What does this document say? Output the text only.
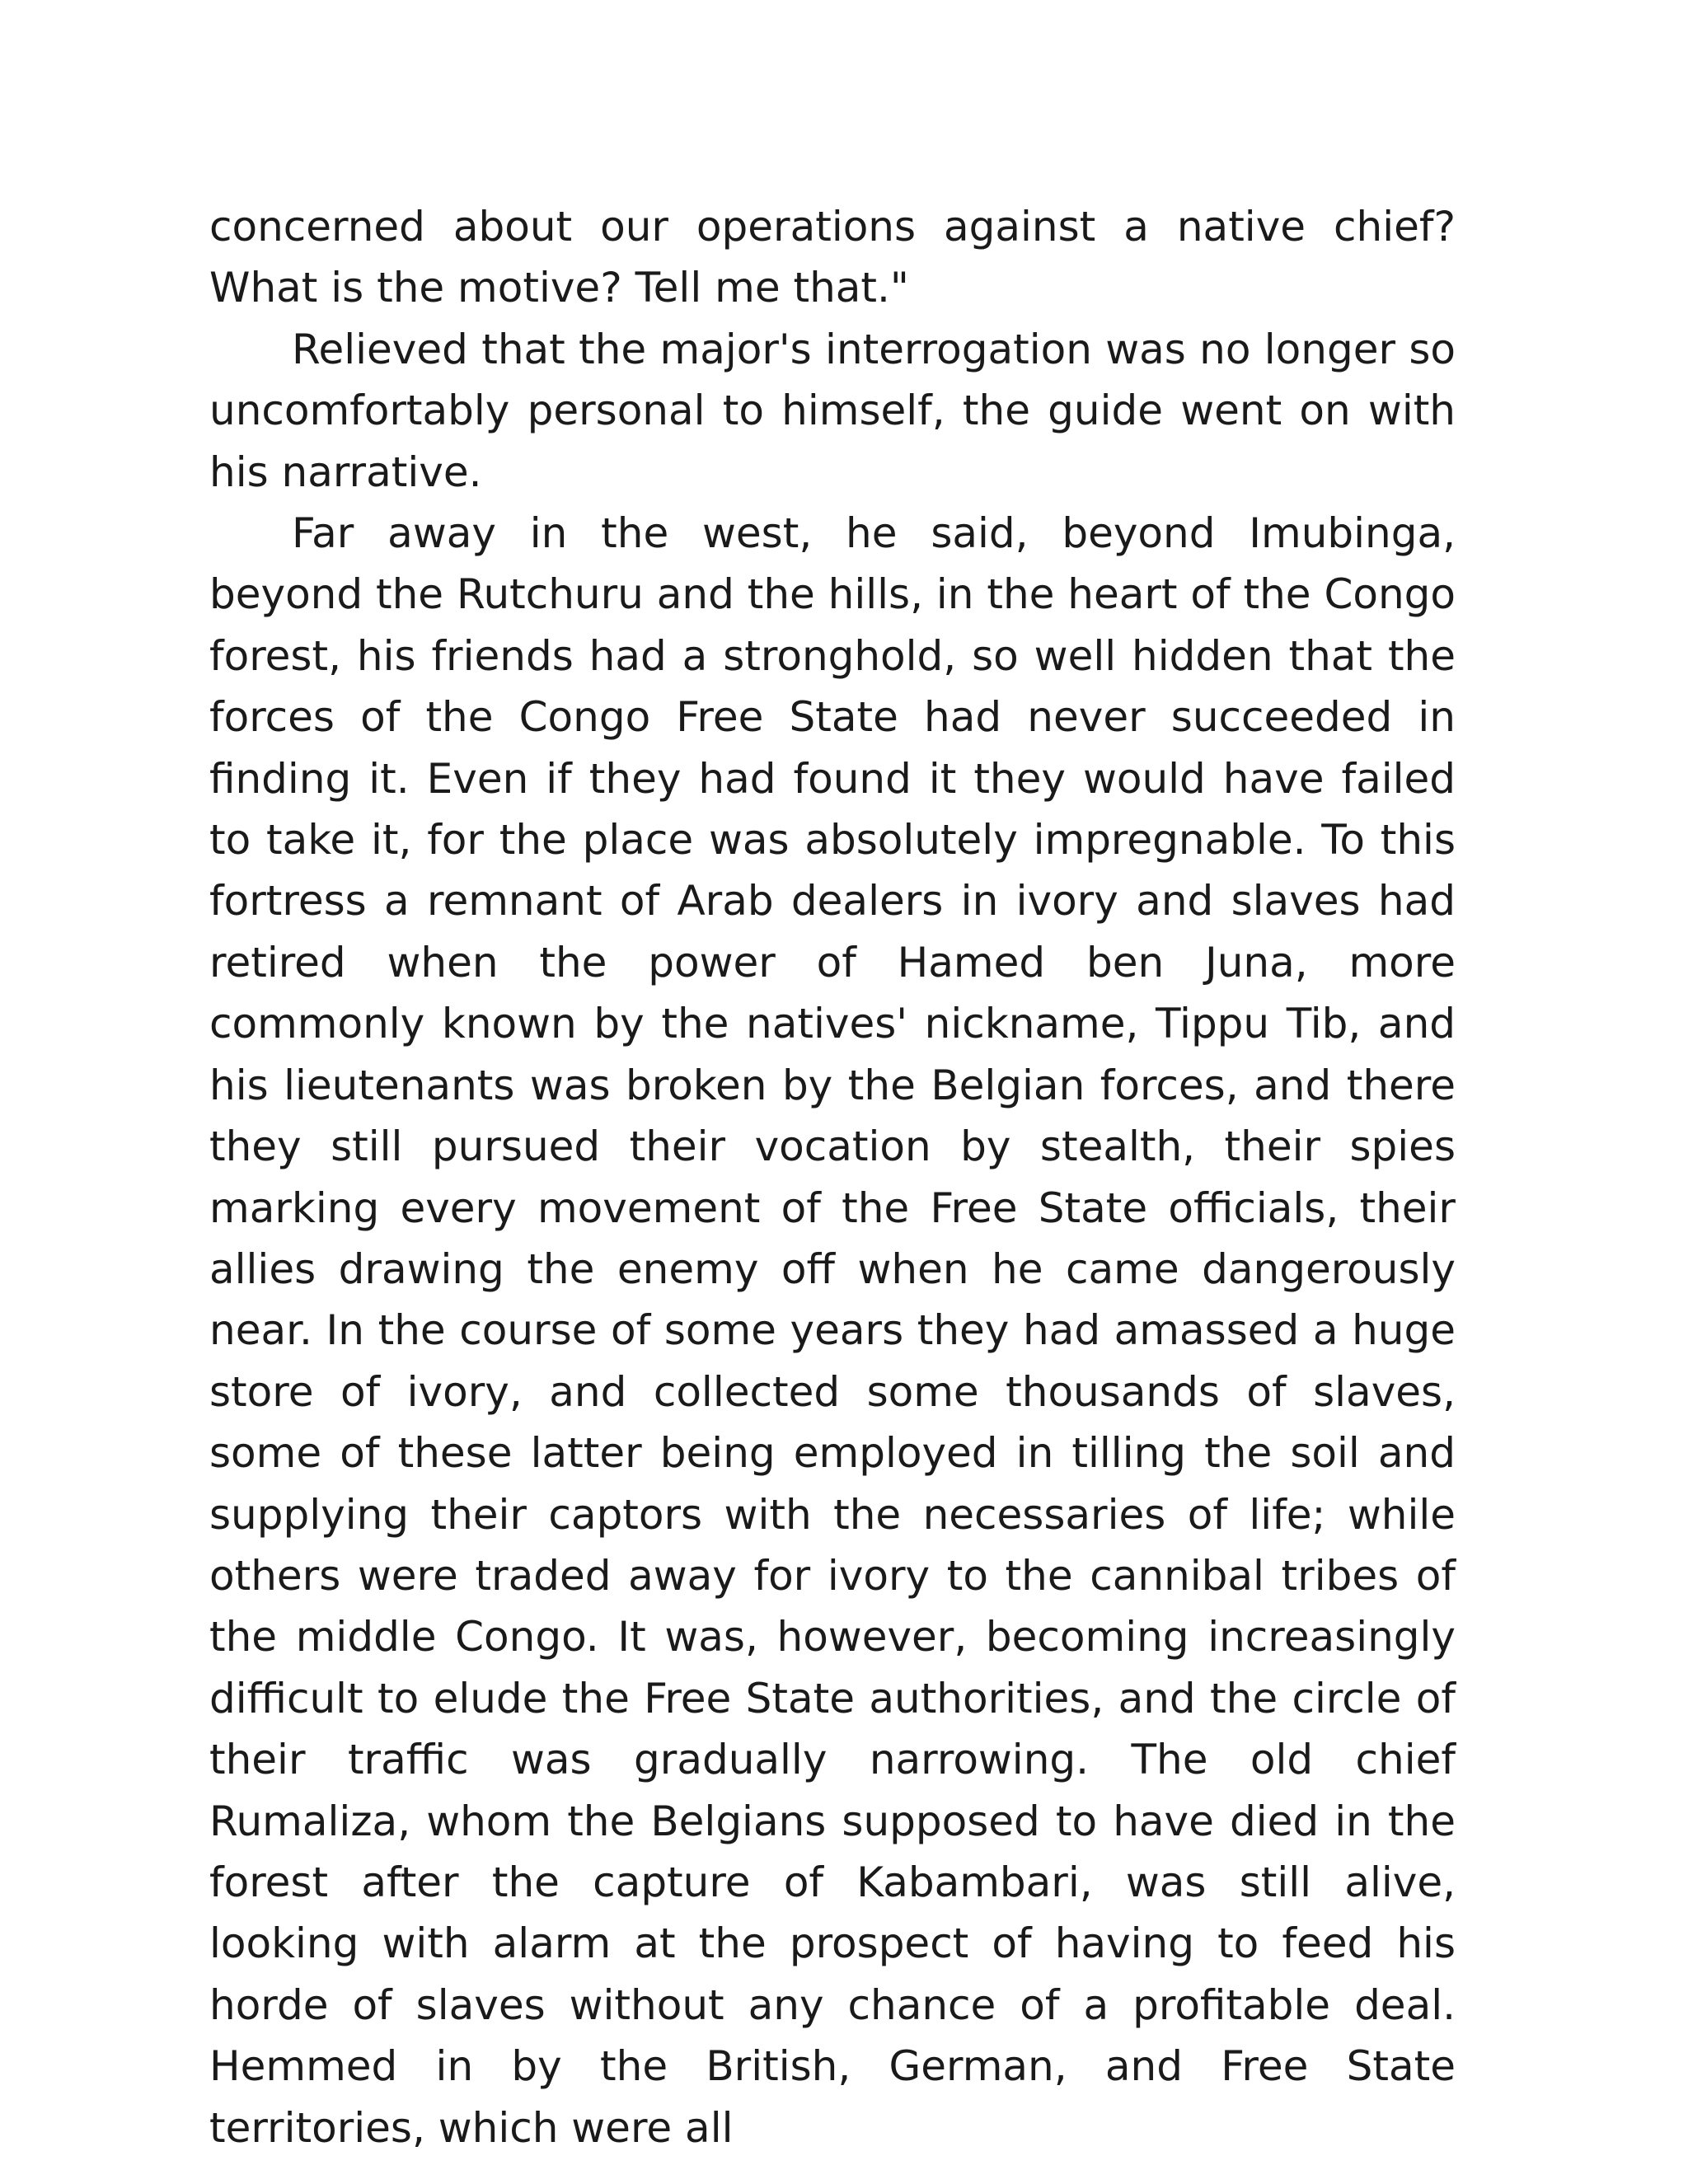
concerned about our operations against a native chief? What is the motive? Tell me that."

Relieved that the major's interrogation was no longer so uncomfortably personal to himself, the guide went on with his narrative.

Far away in the west, he said, beyond Imubinga, beyond the Rutchuru and the hills, in the heart of the Congo forest, his friends had a stronghold, so well hidden that the forces of the Congo Free State had never succeeded in finding it. Even if they had found it they would have failed to take it, for the place was absolutely impregnable. To this fortress a remnant of Arab dealers in ivory and slaves had retired when the power of Hamed ben Juna, more commonly known by the natives' nickname, Tippu Tib, and his lieutenants was broken by the Belgian forces, and there they still pursued their vocation by stealth, their spies marking every movement of the Free State officials, their allies drawing the enemy off when he came dangerously near. In the course of some years they had amassed a huge store of ivory, and collected some thousands of slaves, some of these latter being employed in tilling the soil and supplying their captors with the necessaries of life; while others were traded away for ivory to the cannibal tribes of the middle Congo. It was, however, becoming increasingly difficult to elude the Free State authorities, and the circle of their traffic was gradually narrowing. The old chief Rumaliza, whom the Belgians supposed to have died in the forest after the capture of Kabambari, was still alive, looking with alarm at the prospect of having to feed his horde of slaves without any chance of a profitable deal. Hemmed in by the British, German, and Free State territories, which were all
